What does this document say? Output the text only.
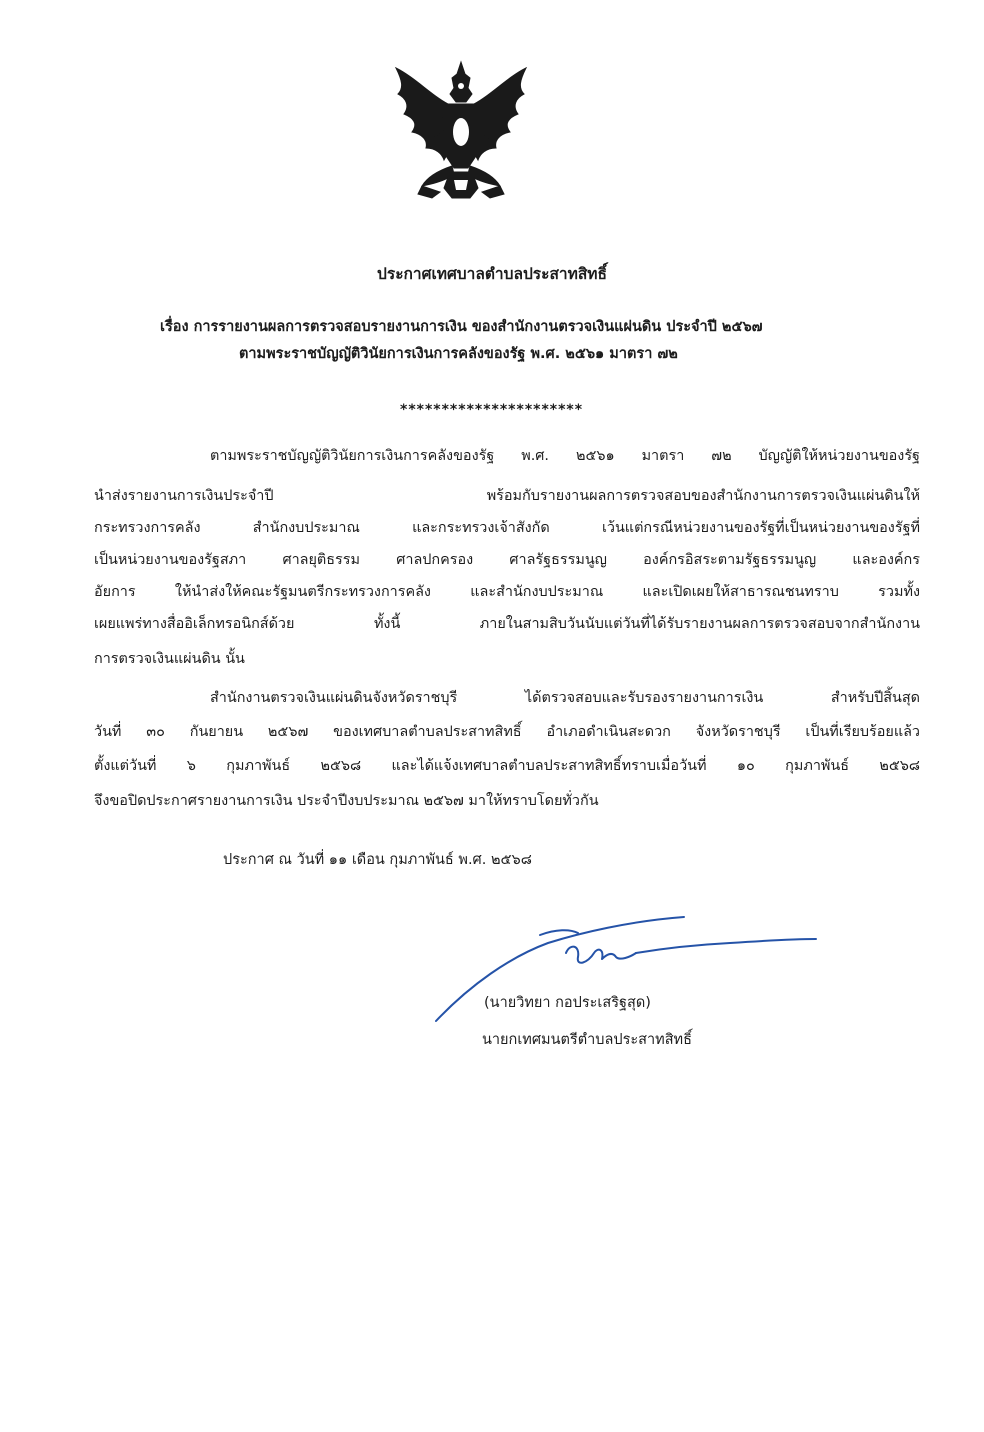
ประกาศเทศบาลตำบลประสาทสิทธิ์
เรื่อง การรายงานผลการตรวจสอบรายงานการเงิน ของสำนักงานตรวจเงินแผ่นดิน ประจำปี ๒๕๖๗
ตามพระราชบัญญัติวินัยการเงินการคลังของรัฐ พ.ศ. ๒๕๖๑ มาตรา ๗๒
**********************
ตามพระราชบัญญัติวินัยการเงินการคลังของรัฐ พ.ศ. ๒๕๖๑ มาตรา ๗๒ บัญญัติให้หน่วยงานของรัฐ
นำส่งรายงานการเงินประจำปี พร้อมกับรายงานผลการตรวจสอบของสำนักงานการตรวจเงินแผ่นดินให้
กระทรวงการคลัง สำนักงบประมาณ และกระทรวงเจ้าสังกัด เว้นแต่กรณีหน่วยงานของรัฐที่เป็นหน่วยงานของรัฐที่
เป็นหน่วยงานของรัฐสภา ศาลยุติธรรม ศาลปกครอง ศาลรัฐธรรมนูญ องค์กรอิสระตามรัฐธรรมนูญ และองค์กร
อัยการ ให้นำส่งให้คณะรัฐมนตรีกระทรวงการคลัง และสำนักงบประมาณ และเปิดเผยให้สาธารณชนทราบ รวมทั้ง
เผยแพร่ทางสื่ออิเล็กทรอนิกส์ด้วย ทั้งนี้ ภายในสามสิบวันนับแต่วันที่ได้รับรายงานผลการตรวจสอบจากสำนักงาน
การตรวจเงินแผ่นดิน นั้น
สำนักงานตรวจเงินแผ่นดินจังหวัดราชบุรี ได้ตรวจสอบและรับรองรายงานการเงิน สำหรับปีสิ้นสุด
วันที่ ๓๐ กันยายน ๒๕๖๗ ของเทศบาลตำบลประสาทสิทธิ์ อำเภอดำเนินสะดวก จังหวัดราชบุรี เป็นที่เรียบร้อยแล้ว
ตั้งแต่วันที่ ๖ กุมภาพันธ์ ๒๕๖๘ และได้แจ้งเทศบาลตำบลประสาทสิทธิ์ทราบเมื่อวันที่ ๑๐ กุมภาพันธ์ ๒๕๖๘
จึงขอปิดประกาศรายงานการเงิน ประจำปีงบประมาณ ๒๕๖๗ มาให้ทราบโดยทั่วกัน
ประกาศ ณ วันที่ ๑๑ เดือน กุมภาพันธ์ พ.ศ. ๒๕๖๘
(นายวิทยา กอประเสริฐสุด)
นายกเทศมนตรีตำบลประสาทสิทธิ์
